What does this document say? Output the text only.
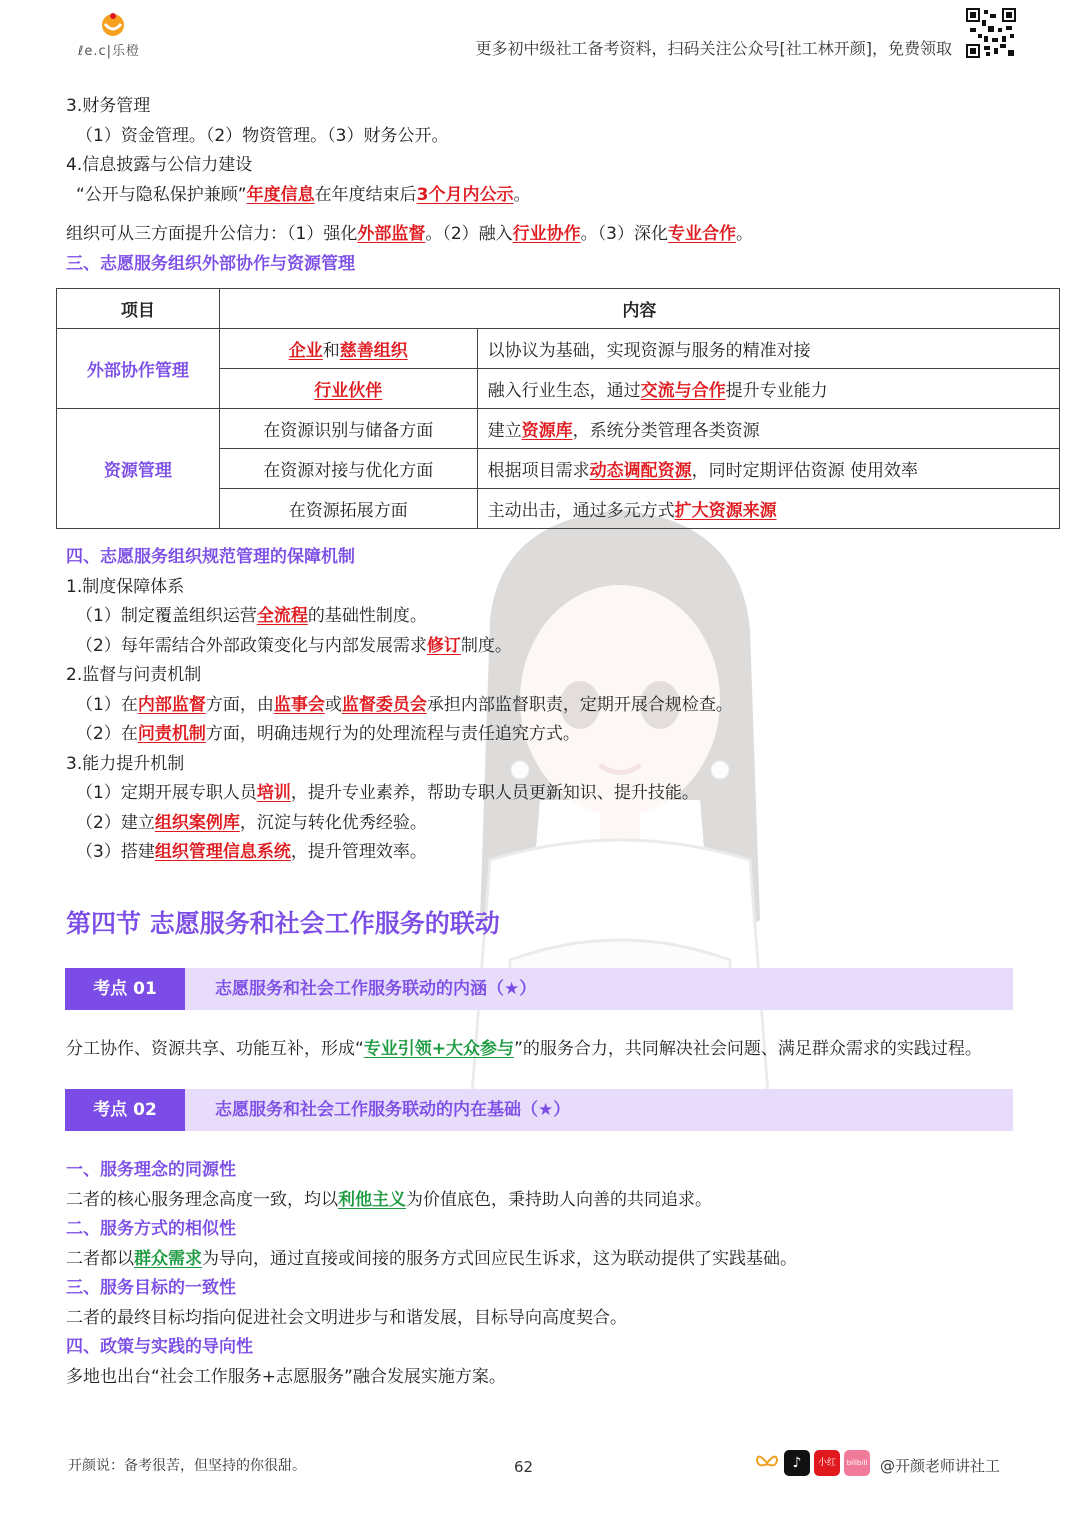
ℓe.c|乐橙	更多初中级社工备考资料，扫码关注公众号[社工林开颜]，免费领取
3.财务管理
（1）资金管理。（2）物资管理。（3）财务公开。
4.信息披露与公信力建设
“公开与隐私保护兼顾”年度信息在年度结束后3个月内公示。
组织可从三方面提升公信力：（1）强化外部监督。（2）融入行业协作。（3）深化专业合作。
三、志愿服务组织外部协作与资源管理
项目	内容	
外部协作管理	企业和慈善组织	以协议为基础，实现资源与服务的精准对接
	行业伙伴	融入行业生态，通过交流与合作提升专业能力
资源管理	在资源识别与储备方面	建立资源库，系统分类管理各类资源
	在资源对接与优化方面	根据项目需求动态调配资源，同时定期评估资源 使用效率
	在资源拓展方面	主动出击，通过多元方式扩大资源来源
四、志愿服务组织规范管理的保障机制
1.制度保障体系
（1）制定覆盖组织运营全流程的基础性制度。
（2）每年需结合外部政策变化与内部发展需求修订制度。
2.监督与问责机制
（1）在内部监督方面，由监事会或监督委员会承担内部监督职责，定期开展合规检查。
（2）在问责机制方面，明确违规行为的处理流程与责任追究方式。
3.能力提升机制
（1）定期开展专职人员培训，提升专业素养，帮助专职人员更新知识、提升技能。
（2）建立组织案例库，沉淀与转化优秀经验。
（3）搭建组织管理信息系统，提升管理效率。
第四节 志愿服务和社会工作服务的联动
考点 01	志愿服务和社会工作服务联动的内涵（★）
分工协作、资源共享、功能互补，形成“专业引领+大众参与”的服务合力，共同解决社会问题、满足群众需求的实践过程。
考点 02	志愿服务和社会工作服务联动的内在基础（★）
一、服务理念的同源性
二者的核心服务理念高度一致，均以利他主义为价值底色，秉持助人向善的共同追求。
二、服务方式的相似性
二者都以群众需求为导向，通过直接或间接的服务方式回应民生诉求，这为联动提供了实践基础。
三、服务目标的一致性
二者的最终目标均指向促进社会文明进步与和谐发展，目标导向高度契合。
四、政策与实践的导向性
多地也出台“社会工作服务+志愿服务”融合发展实施方案。
开颜说：备考很苦，但坚持的你很甜。	62	♪	小红书
bilibili @开颜老师讲社工
